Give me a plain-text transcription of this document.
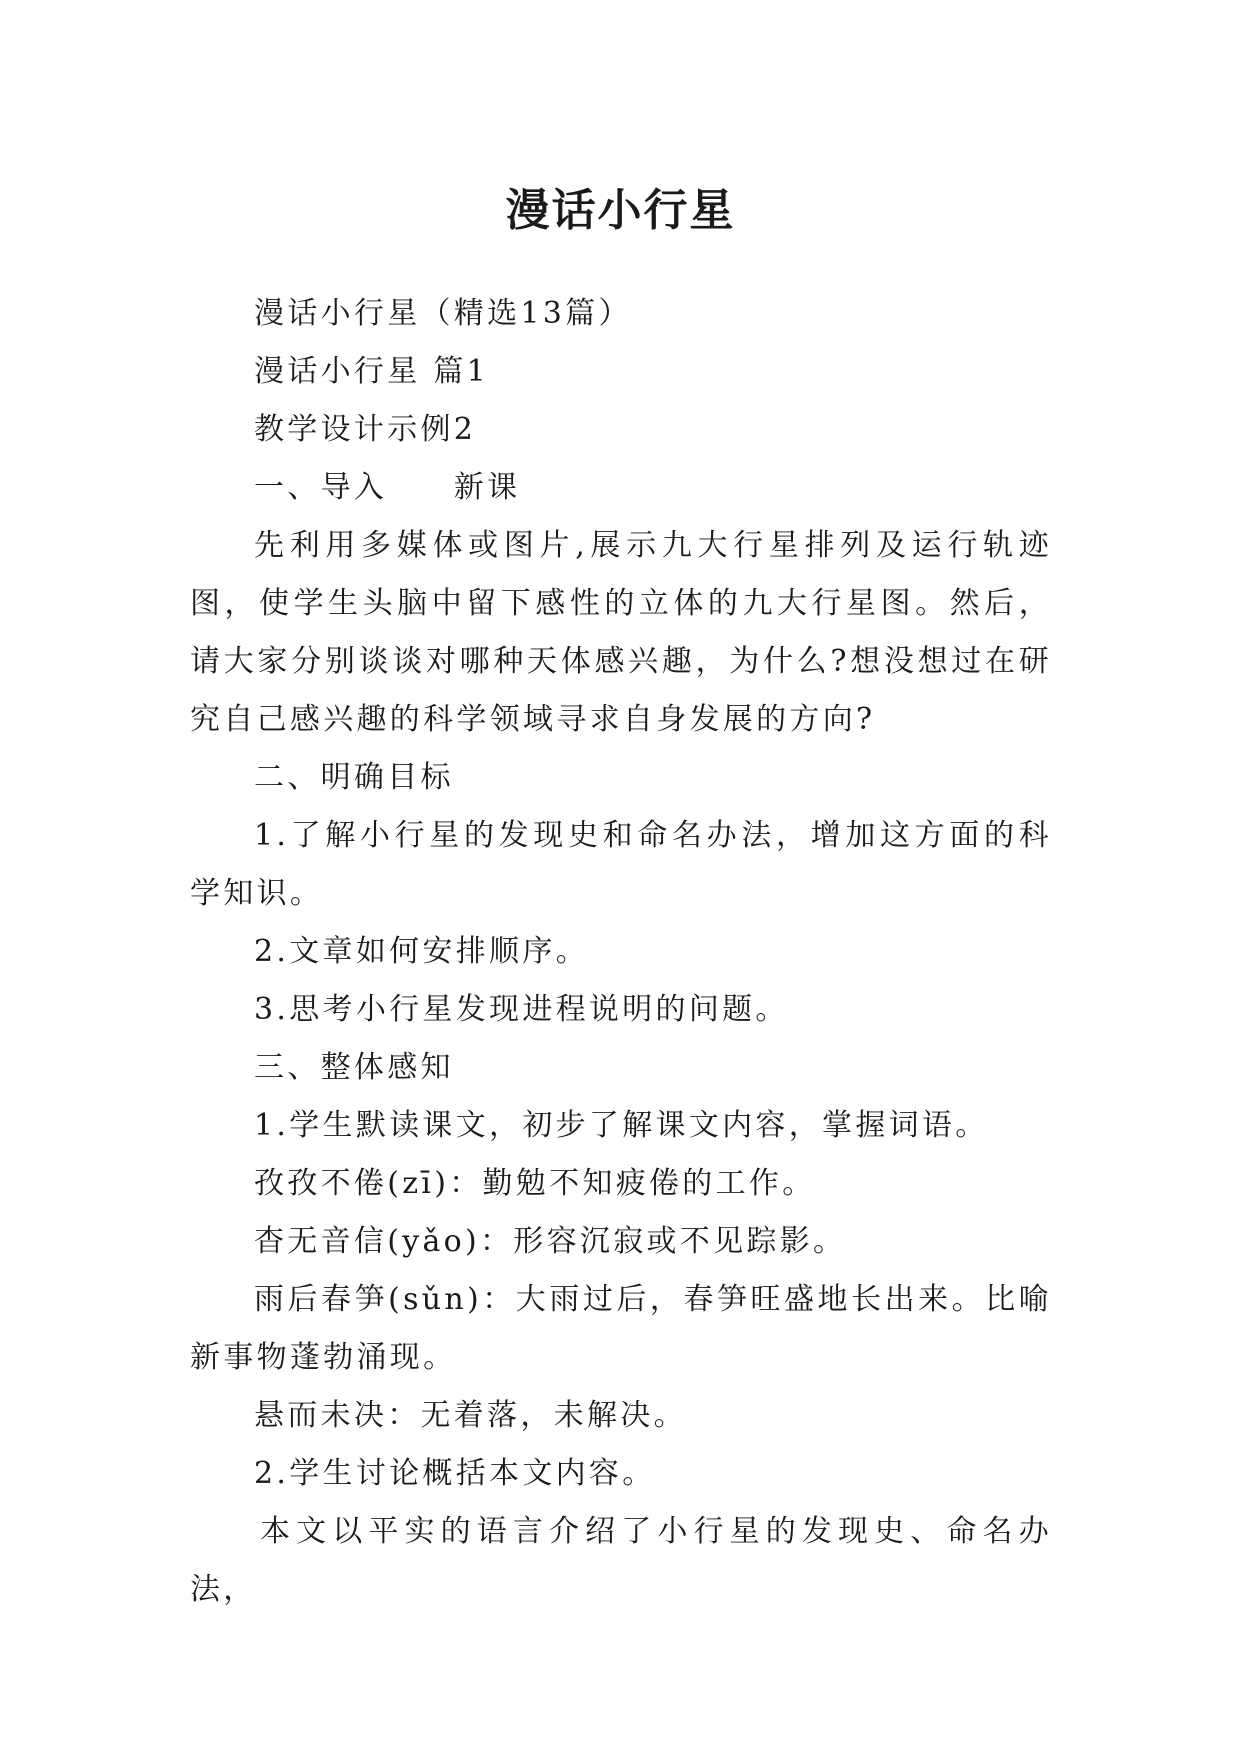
漫话小行星

漫话小行星（精选13篇）

漫话小行星 篇1

教学设计示例2

一、导入　　新课

先利用多媒体或图片,展示九大行星排列及运行轨迹图，使学生头脑中留下感性的立体的九大行星图。然后，请大家分别谈谈对哪种天体感兴趣，为什么?想没想过在研究自己感兴趣的科学领域寻求自身发展的方向?

二、明确目标

1.了解小行星的发现史和命名办法，增加这方面的科学知识。

2.文章如何安排顺序。

3.思考小行星发现进程说明的问题。

三、整体感知

1.学生默读课文，初步了解课文内容，掌握词语。

孜孜不倦(zī)：勤勉不知疲倦的工作。

杳无音信(yǎo)：形容沉寂或不见踪影。

雨后春笋(sǔn)：大雨过后，春笋旺盛地长出来。比喻新事物蓬勃涌现。

悬而未决：无着落，未解决。

2.学生讨论概括本文内容。

本文以平实的语言介绍了小行星的发现史、命名办法，
